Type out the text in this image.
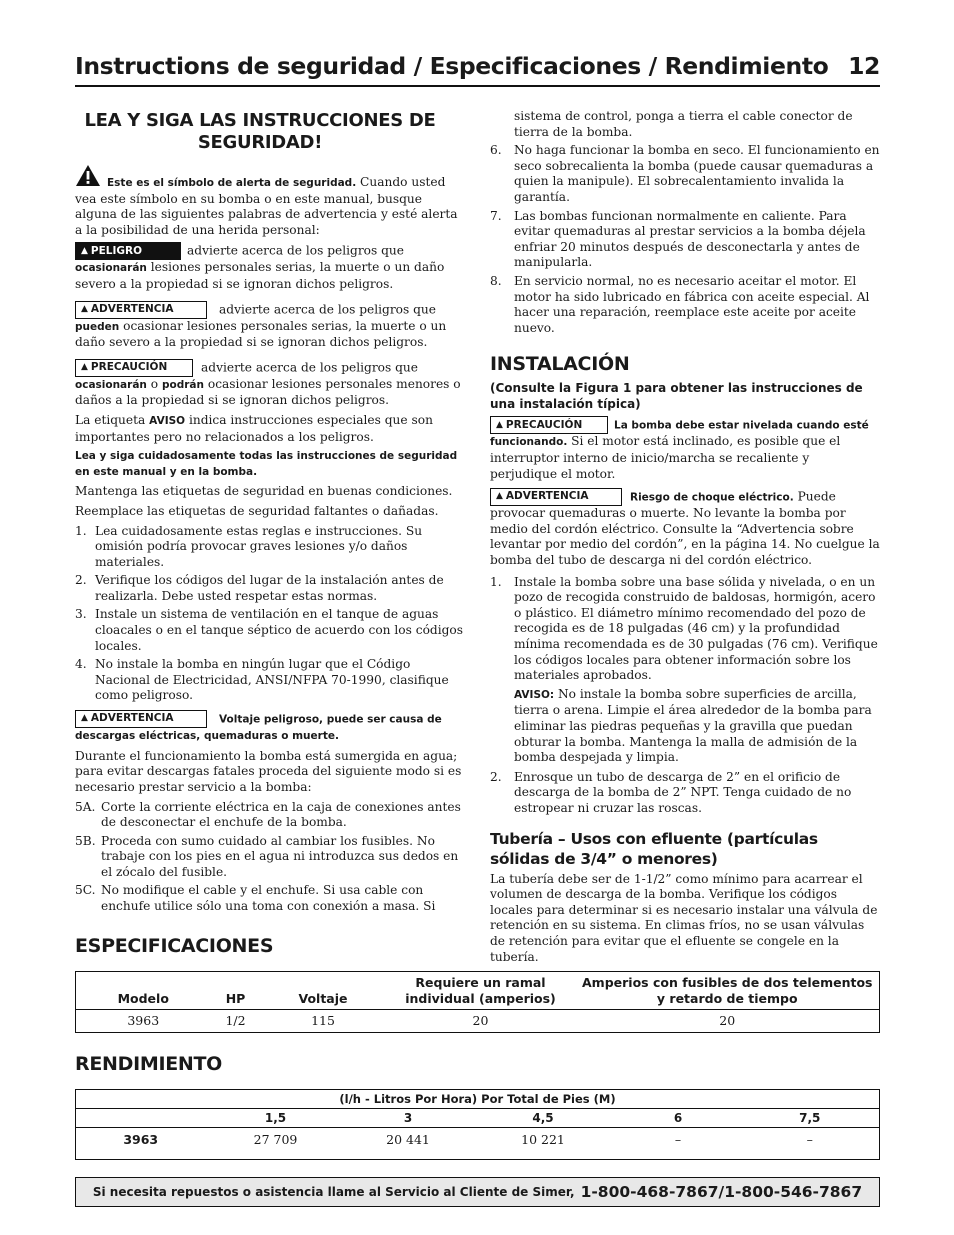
Instructions de seguridad / Especificaciones / Rendimiento 12
LEA Y SIGA LAS INSTRUCCIONES DE SEGURIDAD!

Este es el símbolo de alerta de seguridad. Cuando usted vea este símbolo en su bomba o en este manual, busque alguna de las siguientes palabras de advertencia y esté alerta a la posibilidad de una herida personal:

▲ PELIGRO	advierte acerca de los peligros que ocasionarán lesiones personales serias, la muerte o un daño severo a la propiedad si se ignoran dichos peligros.

▲ ADVERTENCIA	advierte acerca de los peligros que pueden ocasionar lesiones personales serias, la muerte o un daño severo a la propiedad si se ignoran dichos peligros.

▲ PRECAUCIÓN	advierte acerca de los peligros que ocasionarán o podrán ocasionar lesiones personales menores o daños a la propiedad si se ignoran dichos peligros.

La etiqueta AVISO indica instrucciones especiales que son importantes pero no relacionados a los peligros.

Lea y siga cuidadosamente todas las instrucciones de seguridad en este manual y en la bomba.

Mantenga las etiquetas de seguridad en buenas condiciones.

Reemplace las etiquetas de seguridad faltantes o dañadas.

1. Lea cuidadosamente estas reglas e instrucciones. Su omisión podría provocar graves lesiones y/o daños materiales.
2. Verifique los códigos del lugar de la instalación antes de realizarla. Debe usted respetar estas normas.
3. Instale un sistema de ventilación en el tanque de aguas cloacales o en el tanque séptico de acuerdo con los códigos locales.
4. No instale la bomba en ningún lugar que el Código Nacional de Electricidad, ANSI/NFPA 70-1990, clasifique como peligroso.

▲ ADVERTENCIA	Voltaje peligroso, puede ser causa de descargas eléctricas, quemaduras o muerte.

Durante el funcionamiento la bomba está sumergida en agua; para evitar descargas fatales proceda del siguiente modo si es necesario prestar servicio a la bomba:

5A. Corte la corriente eléctrica en la caja de conexiones antes de desconectar el enchufe de la bomba.
5B. Proceda con sumo cuidado al cambiar los fusibles. No trabaje con los pies en el agua ni introduzca sus dedos en el zócalo del fusible.
5C. No modifique el cable y el enchufe. Si usa cable con enchufe utilice sólo una toma con conexión a masa. Si
sistema de control, ponga a tierra el cable conector de tierra de la bomba.
6.	No haga funcionar la bomba en seco. El funcionamiento en seco sobrecalienta la bomba (puede causar quemaduras a quien la manipule). El sobrecalentamiento invalida la garantía.
7.	Las bombas funcionan normalmente en caliente. Para evitar quemaduras al prestar servicios a la bomba déjela enfriar 20 minutos después de desconectarla y antes de manipularla.
8.	En servicio normal, no es necesario aceitar el motor. El motor ha sido lubricado en fábrica con aceite especial. Al hacer una reparación, reemplace este aceite por aceite nuevo.
INSTALACIÓN

(Consulte la Figura 1 para obtener las instrucciones de una instalación típica)

▲ PRECAUCIÓN	La bomba debe estar nivelada cuando esté funcionando. Si el motor está inclinado, es posible que el interruptor interno de inicio/marcha se recaliente y perjudique el motor.

▲ ADVERTENCIA	Riesgo de choque eléctrico. Puede provocar quemaduras o muerte. No levante la bomba por medio del cordón eléctrico. Consulte la “Advertencia sobre levantar por medio del cordón”, en la página 14. No cuelgue la bomba del tubo de descarga ni del cordón eléctrico.

1.	Instale la bomba sobre una base sólida y nivelada, o en un pozo de recogida construido de baldosas, hormigón, acero o plástico. El diámetro mínimo recomendado del pozo de recogida es de 18 pulgadas (46 cm) y la profundidad mínima recomendada es de 30 pulgadas (76 cm). Verifique los códigos locales para obtener información sobre los materiales aprobados.

AVISO: No instale la bomba sobre superficies de arcilla, tierra o arena. Limpie el área alrededor de la bomba para eliminar las piedras pequeñas y la gravilla que puedan obturar la bomba. Mantenga la malla de admisión de la bomba despejada y limpia.

2.	Enrosque un tubo de descarga de 2” en el orificio de descarga de la bomba de 2” NPT. Tenga cuidado de no estropear ni cruzar las roscas.
Tubería – Usos con efluente (partículas sólidas de 3/4” o menores)

La tubería debe ser de 1-1/2” como mínimo para acarrear el volumen de descarga de la bomba. Verifique los códigos locales para determinar si es necesario instalar una válvula de retención en su sistema. En climas fríos, no se usan válvulas de retención para evitar que el efluente se congele en la tubería.

ESPECIFICACIONES
Modelo	HP	Voltaje	Requiere un ramal individual (amperios)	Amperios con fusibles de dos telementos y retardo de tiempo
3963	1/2	115	20	20
RENDIMIENTO
(l/h - Litros Por Hora) Por Total de Pies (M)					
	1,5	3	4,5	6	7,5
3963	27 709	20 441	10 221	–	–
Si necesita repuestos o asistencia llame al Servicio al Cliente de Simer, 1-800-468-7867/1-800-546-7867
